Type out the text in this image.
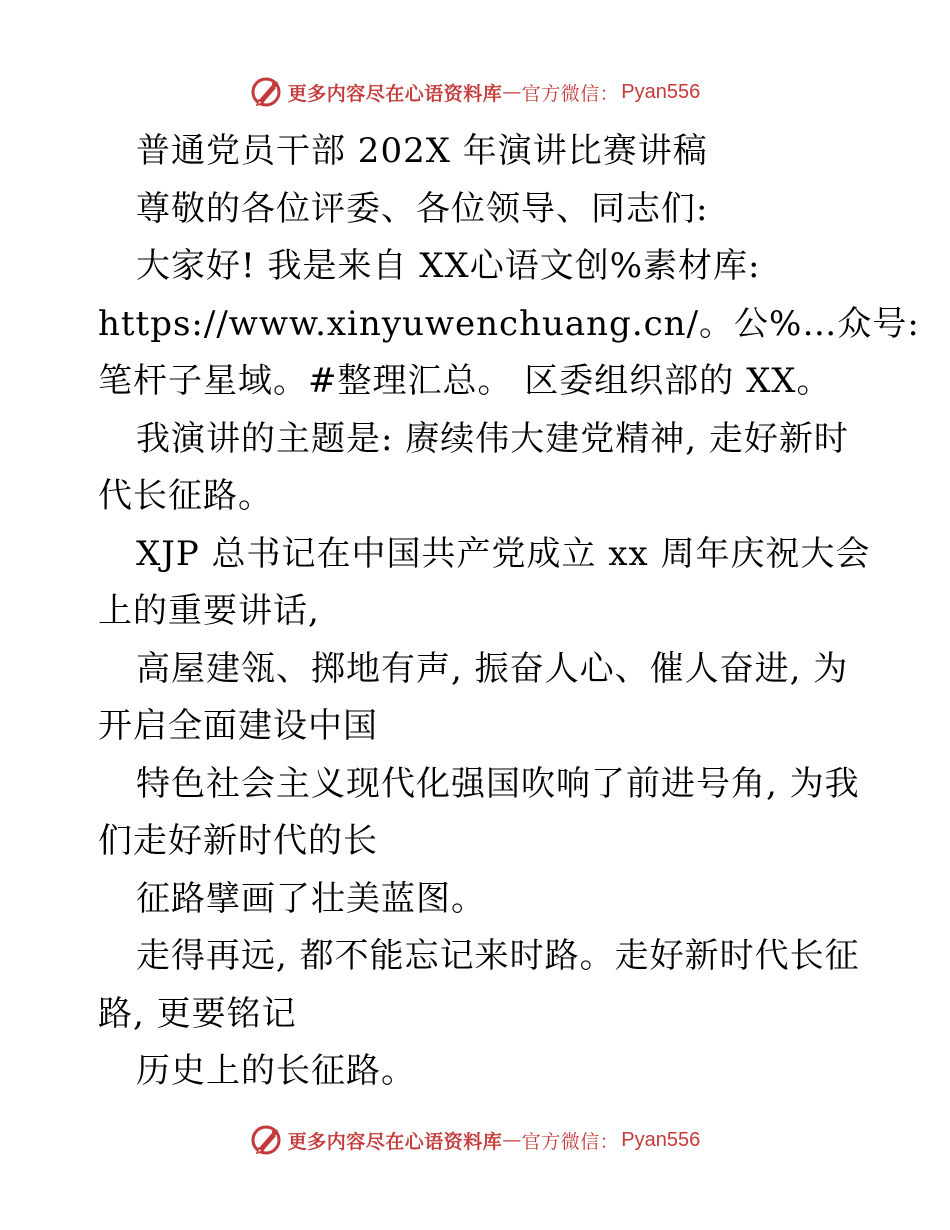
更多内容尽在心语资料库 — 官方微信： Pyan556
普通党员干部 202X 年演讲比赛讲稿
尊敬的各位评委、各位领导、同志们:
大家好! 我是来自 XX心语文创%素材库:
https://www.xinyuwenchuang.cn/。公%…众号:
笔杆子星域。#整理汇总。 区委组织部的 XX。
我演讲的主题是: 赓续伟大建党精神, 走好新时
代长征路。
XJP 总书记在中国共产党成立 xx 周年庆祝大会
上的重要讲话,
高屋建瓴、掷地有声, 振奋人心、催人奋进, 为
开启全面建设中国
特色社会主义现代化强国吹响了前进号角, 为我
们走好新时代的长
征路擘画了壮美蓝图。
走得再远, 都不能忘记来时路。走好新时代长征
路, 更要铭记
历史上的长征路。
更多内容尽在心语资料库 — 官方微信： Pyan556
